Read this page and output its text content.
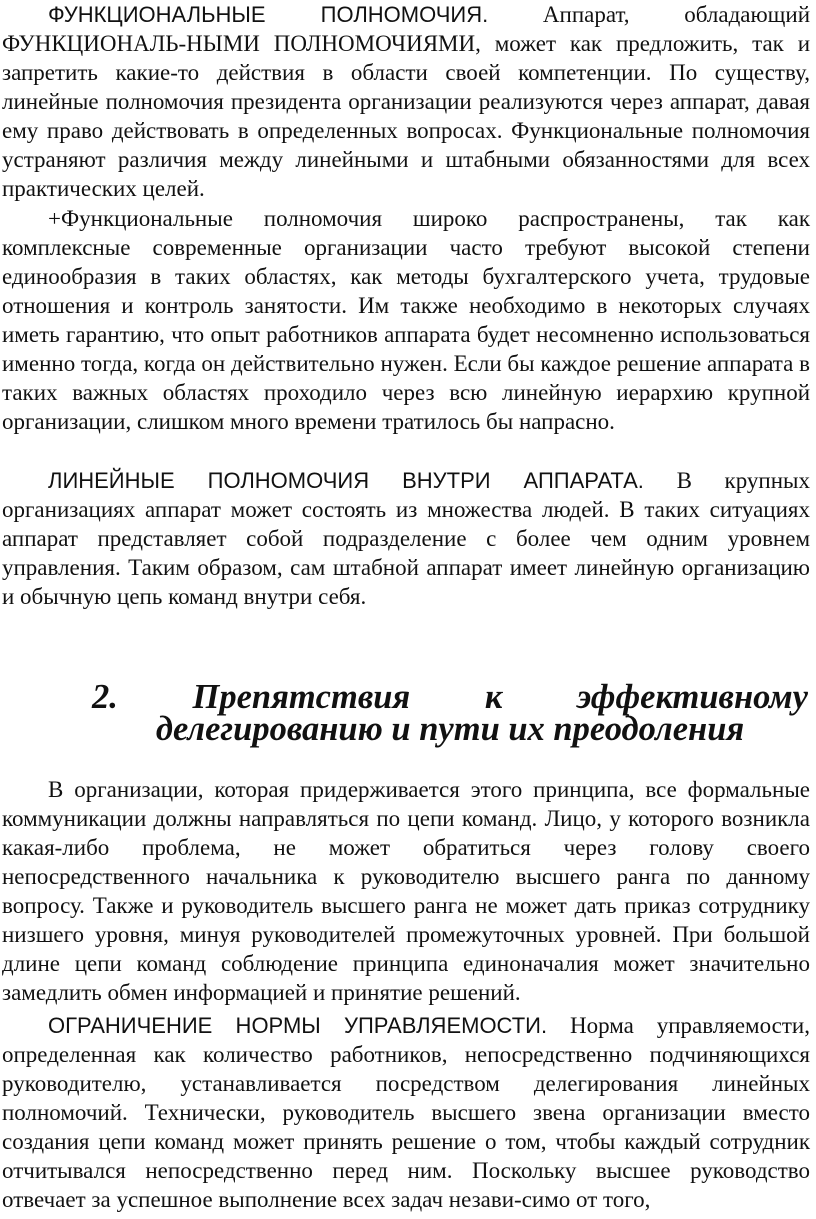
ФУНКЦИОНАЛЬНЫЕ ПОЛНОМОЧИЯ. Аппарат, обладающий ФУНКЦИОНАЛЬ-НЫМИ ПОЛНОМОЧИЯМИ, может как предложить, так и запретить какие-то действия в области своей компетенции. По существу, линейные полномочия президента организации реализуются через аппарат, давая ему право действовать в определенных вопросах. Функциональные полномочия устраняют различия между линейными и штабными обязанностями для всех практических целей.

+Функциональные полномочия широко распространены, так как комплексные современные организации часто требуют высокой степени единообразия в таких областях, как методы бухгалтерского учета, трудовые отношения и контроль занятости. Им также необходимо в некоторых случаях иметь гарантию, что опыт работников аппарата будет несомненно использоваться именно тогда, когда он действительно нужен. Если бы каждое решение аппарата в таких важных областях проходило через всю линейную иерархию крупной организации, слишком много времени тратилось бы напрасно.

ЛИНЕЙНЫЕ ПОЛНОМОЧИЯ ВНУТРИ АППАРАТА. В крупных организациях аппарат может состоять из множества людей. В таких ситуациях аппарат представляет собой подразделение с более чем одним уровнем управления. Таким образом, сам штабной аппарат имеет линейную организацию и обычную цепь команд внутри себя.

2. Препятствия к эффективному делегированию и пути их преодоления

В организации, которая придерживается этого принципа, все формальные коммуникации должны направляться по цепи команд. Лицо, у которого возникла какая-либо проблема, не может обратиться через голову своего непосредственного начальника к руководителю высшего ранга по данному вопросу. Также и руководитель высшего ранга не может дать приказ сотруднику низшего уровня, минуя руководителей промежуточных уровней. При большой длине цепи команд соблюдение принципа единоначалия может значительно замедлить обмен информацией и принятие решений.

ОГРАНИЧЕНИЕ НОРМЫ УПРАВЛЯЕМОСТИ. Норма управляемости, определенная как количество работников, непосредственно подчиняющихся руководителю, устанавливается посредством делегирования линейных полномочий. Технически, руководитель высшего звена организации вместо создания цепи команд может принять решение о том, чтобы каждый сотрудник отчитывался непосредственно перед ним. Поскольку высшее руководство отвечает за успешное выполнение всех задач незави-симо от того,
